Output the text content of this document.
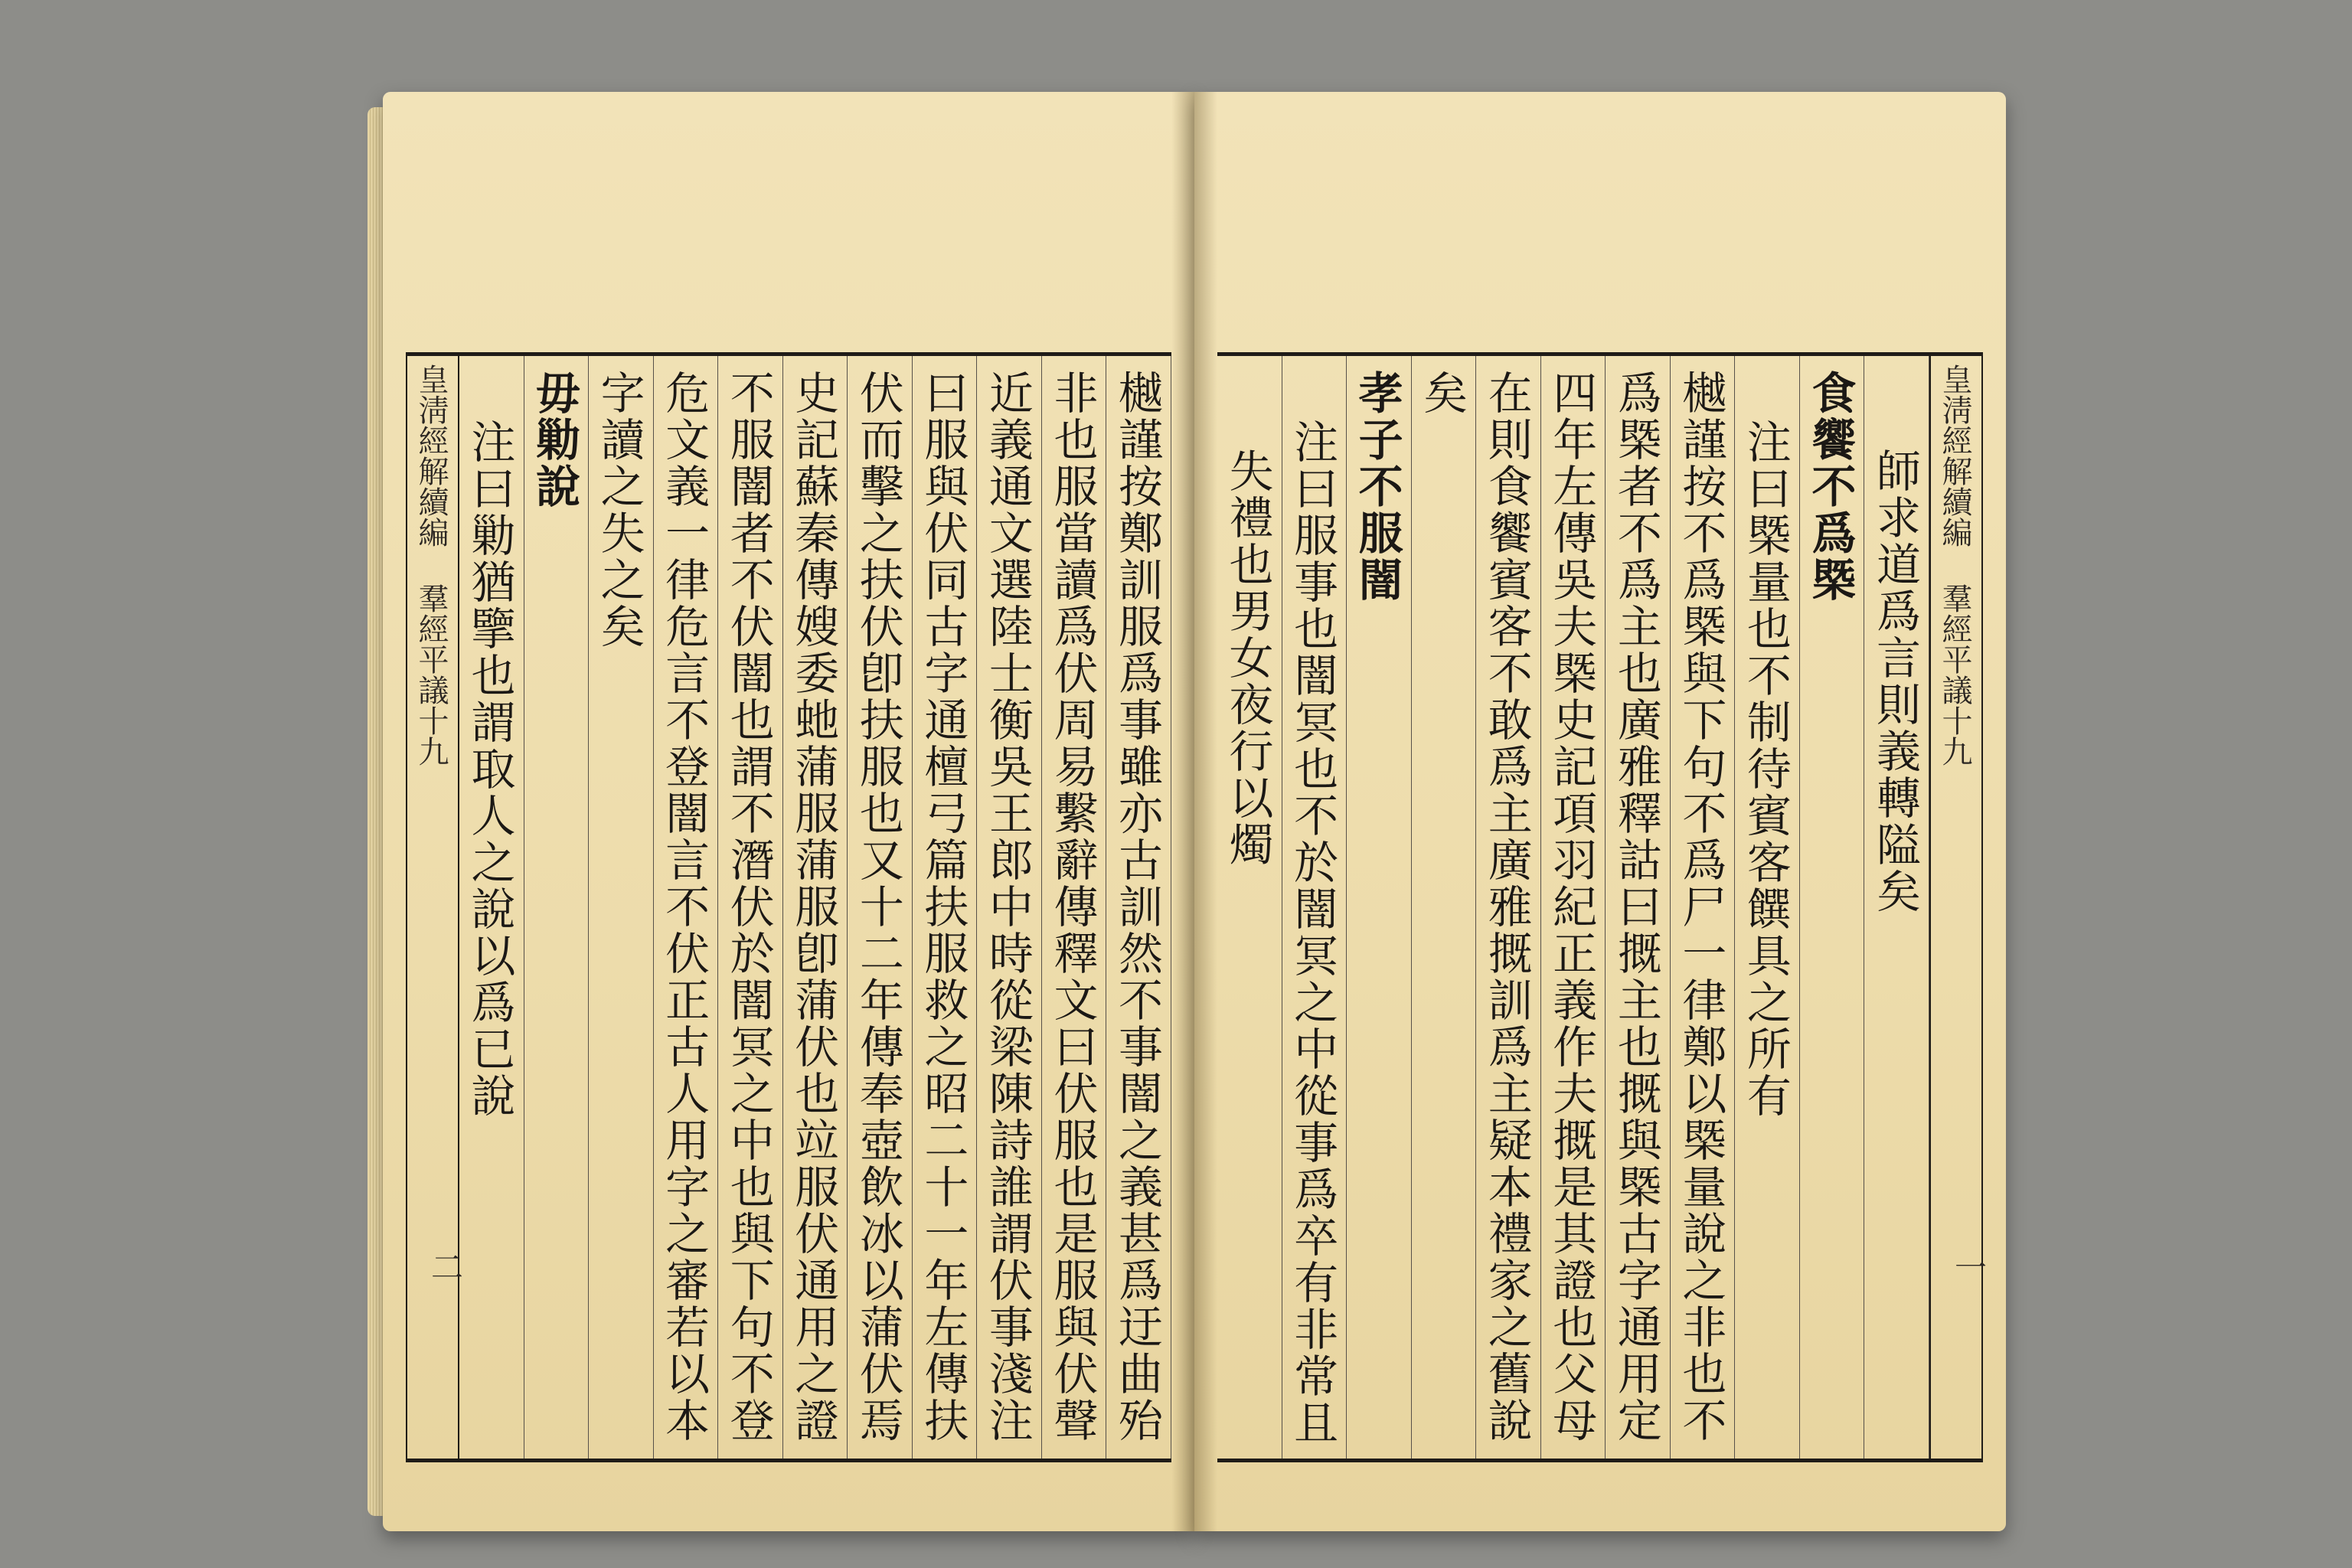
樾謹按鄭訓服爲事雖亦古訓然不事闇之義甚爲迂曲殆
非也服當讀爲伏周易繫辭傳釋文曰伏服也是服與伏聲
近義通文選陸士衡吳王郎中時從梁陳詩誰謂伏事淺注
曰服與伏同古字通檀弓篇扶服救之昭二十一年左傳扶
伏而擊之扶伏卽扶服也又十二年傳奉壺飲冰以蒲伏焉
史記蘇秦傳嫂委虵蒲服蒲服卽蒲伏也竝服伏通用之證
不服闇者不伏闇也謂不潛伏於闇冥之中也與下句不登
危文義一律危言不登闇言不伏正古人用字之審若以本
字讀之失之矣
毋勦說
注曰勦猶擥也謂取人之說以爲已說
皇淸經解續編 羣經平議十九
二
皇淸經解續編 羣經平議十九
一
師求道爲言則義轉隘矣
食饗不爲槩
注曰槩量也不制待賓客饌具之所有
樾謹按不爲槩與下句不爲尸一律鄭以槩量說之非也不
爲槩者不爲主也廣雅釋詁曰摡主也摡與槩古字通用定
四年左傳吳夫槩史記項羽紀正義作夫摡是其證也父母
在則食饗賓客不敢爲主廣雅摡訓爲主疑本禮家之舊說
矣
孝子不服闇
注曰服事也闇冥也不於闇冥之中從事爲卒有非常且
失禮也男女夜行以燭
